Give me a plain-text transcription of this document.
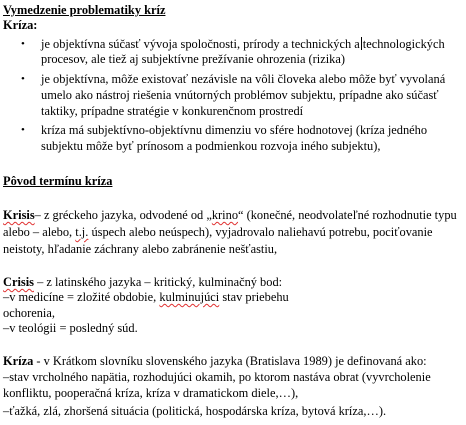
Vymedzenie problematiky kríz
Kríza:
• je objektívna súčasť vývoja spoločnosti, prírody a technických a technologických
procesov, ale tiež aj subjektívne prežívanie ohrozenia (rizika)
• je objektívna, môže existovať nezávisle na vôli človeka alebo môže byť vyvolaná
umelo ako nástroj riešenia vnútorných problémov subjektu, prípadne ako súčasť
taktiky, prípadne stratégie v konkurenčnom prostredí
• kríza má subjektívno-objektívnu dimenziu vo sfére hodnotovej (kríza jedného
subjektu môže byť prínosom a podmienkou rozvoja iného subjektu),
Pôvod termínu kríza
Krisis– z gréckeho jazyka, odvodené od „krino“ (konečné, neodvolateľné rozhodnutie typu
alebo – alebo, t.j. úspech alebo neúspech), vyjadrovalo naliehavú potrebu, pociťovanie
neistoty, hľadanie záchrany alebo zabránenie nešťastiu,
Crisis – z latinského jazyka – kritický, kulminačný bod:
–v medicíne = zložité obdobie, kulminujúci stav priebehu
ochorenia,
–v teológii = posledný súd.
Kríza - v Krátkom slovníku slovenského jazyka (Bratislava 1989) je definovaná ako:
–stav vrcholného napätia, rozhodujúci okamih, po ktorom nastáva obrat (vyvrcholenie
konfliktu, pooperačná kríza, kríza v dramatickom diele,…),
–ťažká, zlá, zhoršená situácia (politická, hospodárska kríza, bytová kríza,…).
